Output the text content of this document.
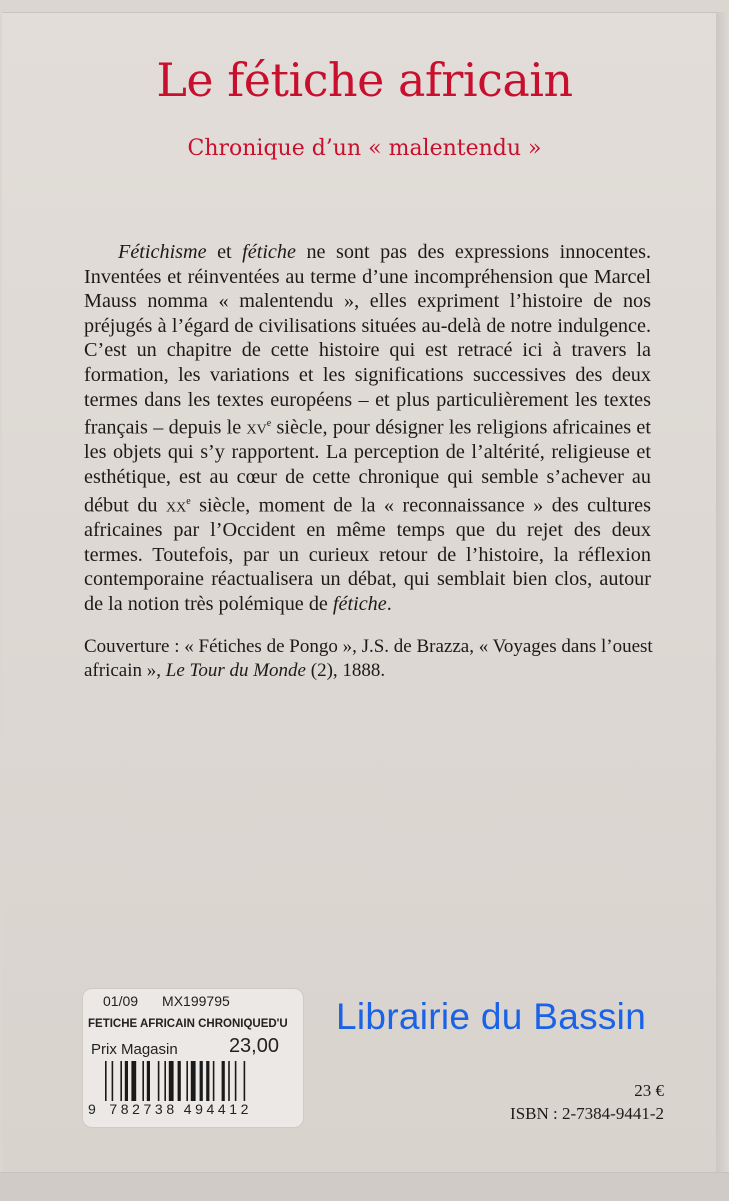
Le fétiche africain
Chronique d’un « malentendu »

Fétichisme et fétiche ne sont pas des expressions innocentes. Inventées et réinventées au terme d’une incompréhension que Marcel Mauss nomma « malentendu », elles expriment l’histoire de nos préjugés à l’égard de civilisations situées au-delà de notre indulgence. C’est un chapitre de cette histoire qui est retracé ici à travers la formation, les variations et les significations successives des deux termes dans les textes européens – et plus particulièrement les textes français – depuis le $xv^e$ siècle, pour désigner les religions africaines et les objets qui s’y rapportent. La perception de l’altérité, religieuse et esthétique, est au cœur de cette chronique qui semble s’achever au début du $xx^e$ siècle, moment de la « reconnaissance » des cultures africaines par l’Occident en même temps que du rejet des deux termes. Toutefois, par un curieux retour de l’histoire, la réflexion contemporaine réactualisera un débat, qui semblait bien clos, autour de la notion très polémique de fétiche.

Couverture : « Fétiches de Pongo », J.S. de Brazza, « Voyages dans l’ouest africain », Le Tour du Monde (2), 1888.

01/09 MX199795
FETICHE AFRICAIN CHRONIQUED'U
Prix Magasin	23,00
9 782738 494412
Librairie du Bassin
23 €
ISBN : 2-7384-9441-2
